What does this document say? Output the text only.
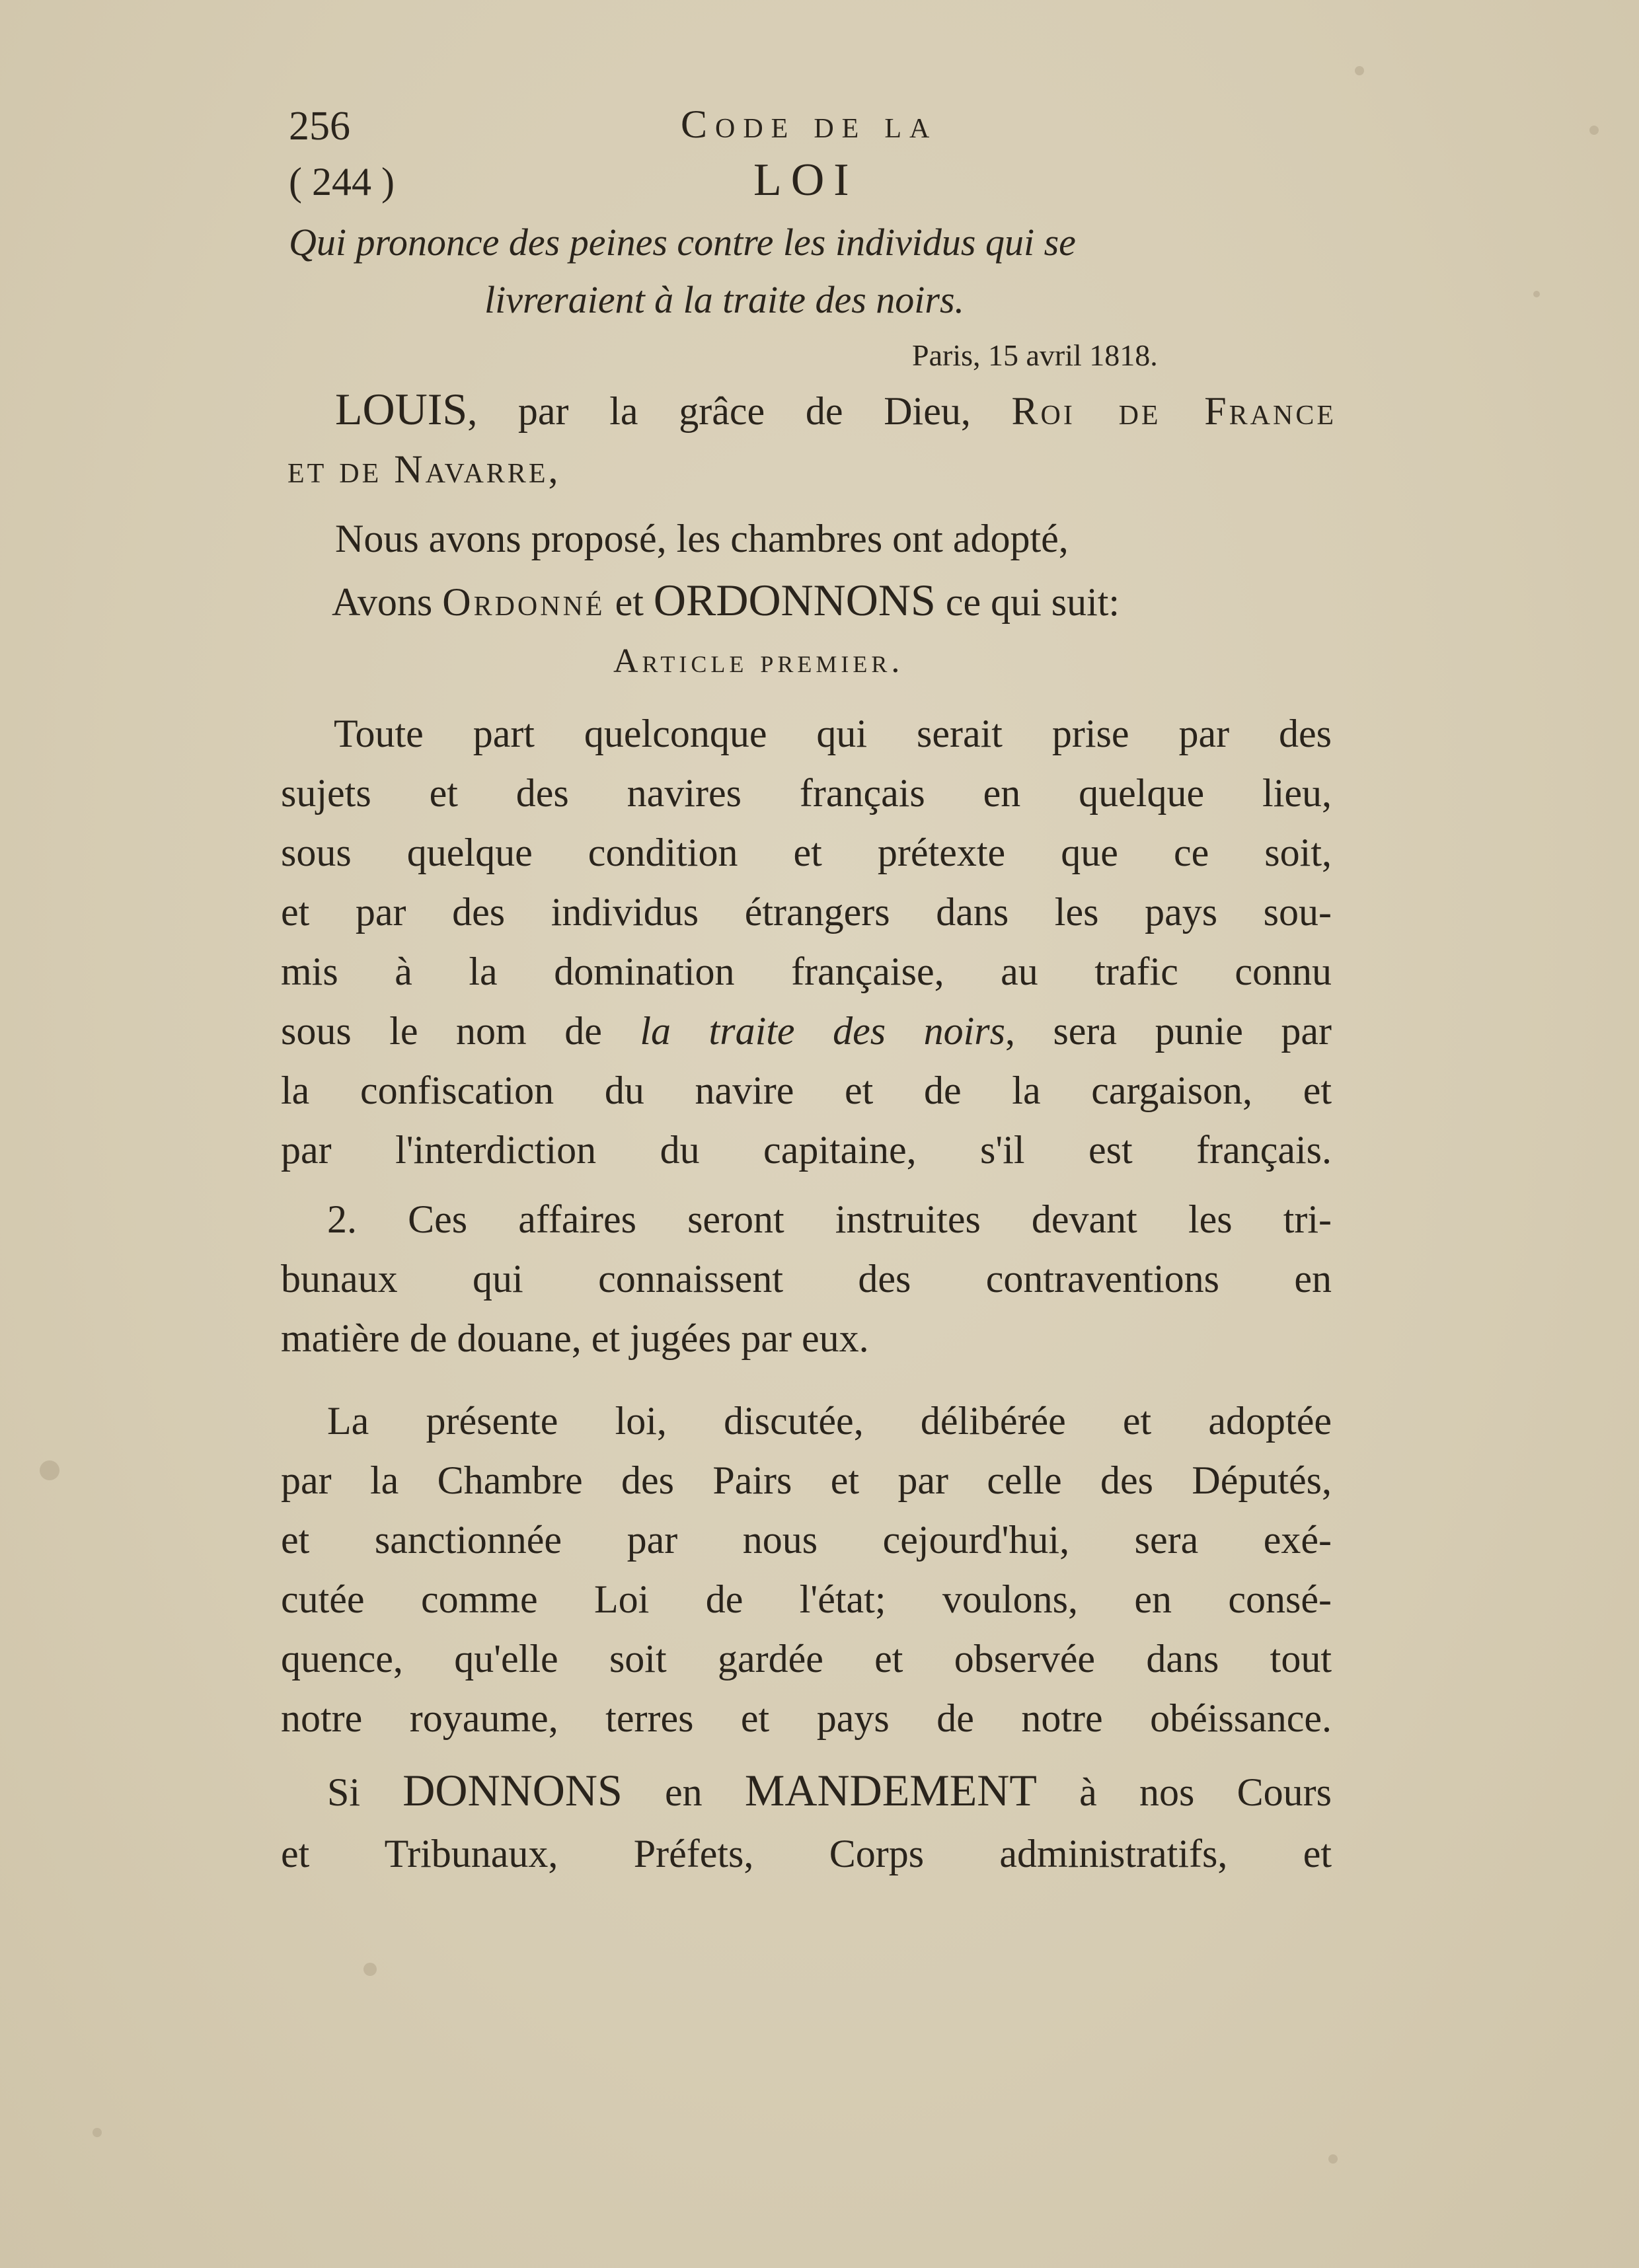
256	Code de la
( 244 )	LOI
Qui prononce des peines contre les individus qui se
livreraient à la traite des noirs.
Paris, 15 avril 1818.
LOUIS, par la grâce de Dieu, Roi de France
et de Navarre,
Nous avons proposé, les chambres ont adopté,
Avons Ordonné et ORDONNONS ce qui suit:
Article premier.
Toute part quelconque qui serait prise par des
sujets et des navires français en quelque lieu,
sous quelque condition et prétexte que ce soit,
et par des individus étrangers dans les pays sou-
mis à la domination française, au trafic connu
sous le nom de la traite des noirs, sera punie par
la confiscation du navire et de la cargaison, et
par l'interdiction du capitaine, s'il est français.
2. Ces affaires seront instruites devant les tri-
bunaux qui connaissent des contraventions en
matière de douane, et jugées par eux.
La présente loi, discutée, délibérée et adoptée
par la Chambre des Pairs et par celle des Députés,
et sanctionnée par nous cejourd'hui, sera exé-
cutée comme Loi de l'état; voulons, en consé-
quence, qu'elle soit gardée et observée dans tout
notre royaume, terres et pays de notre obéissance.
Si DONNONS en MANDEMENT à nos Cours
et Tribunaux, Préfets, Corps administratifs, et
